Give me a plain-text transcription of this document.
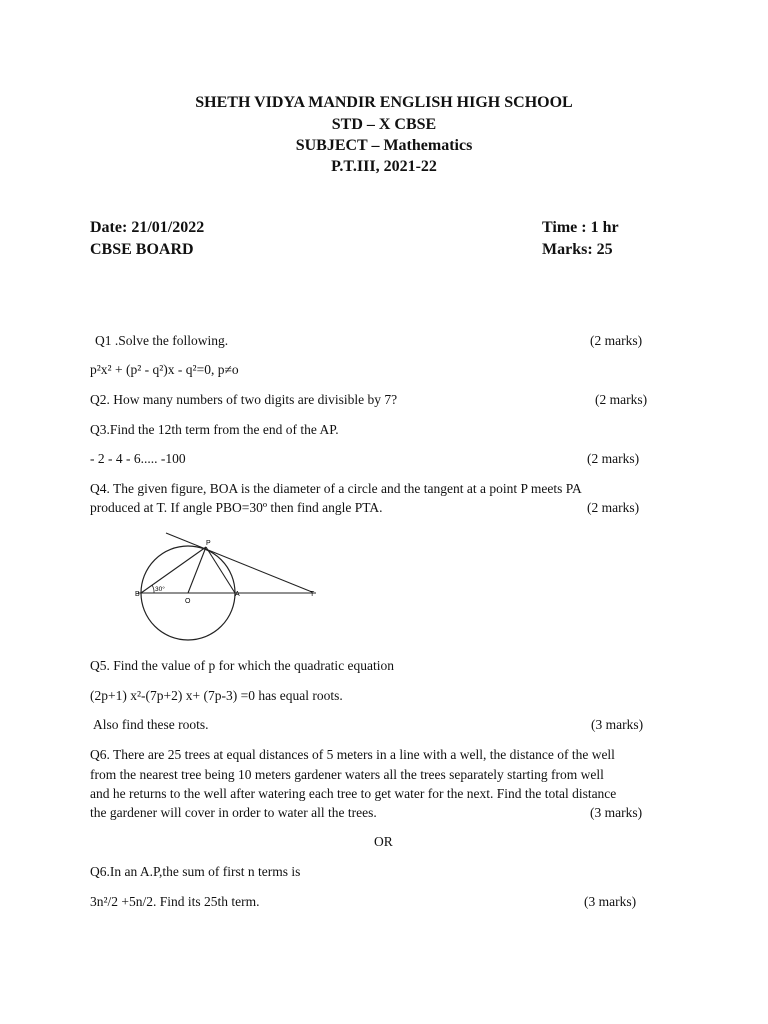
SHETH VIDYA MANDIR ENGLISH HIGH SCHOOL
STD – X CBSE
SUBJECT – Mathematics
P.T.III, 2021-22
Date: 21/01/2022	Time : 1 hr
CBSE BOARD	Marks: 25
Q1 .Solve the following.	(2 marks)
p²x² + (p² - q²)x - q²=0, p≠o
Q2. How many numbers of two digits are divisible by 7?	(2 marks)
Q3.Find the 12th term from the end of the AP.
- 2 - 4 - 6..... -100	(2 marks)
Q4. The given figure, BOA is the diameter of a circle and the tangent at a point P meets PA
produced at T. If angle PBO=30º then find angle PTA.	(2 marks)
P
B
O
A	T
30°
Q5. Find the value of p for which the quadratic equation
(2p+1) x²-(7p+2) x+ (7p-3) =0 has equal roots.
Also find these roots.	(3 marks)
Q6. There are 25 trees at equal distances of 5 meters in a line with a well, the distance of the well
from the nearest tree being 10 meters gardener waters all the trees separately starting from well
and he returns to the well after watering each tree to get water for the next. Find the total distance
the gardener will cover in order to water all the trees.	(3 marks)
OR
Q6.In an A.P,the sum of first n terms is
3n²/2 +5n/2. Find its 25th term.	(3 marks)
